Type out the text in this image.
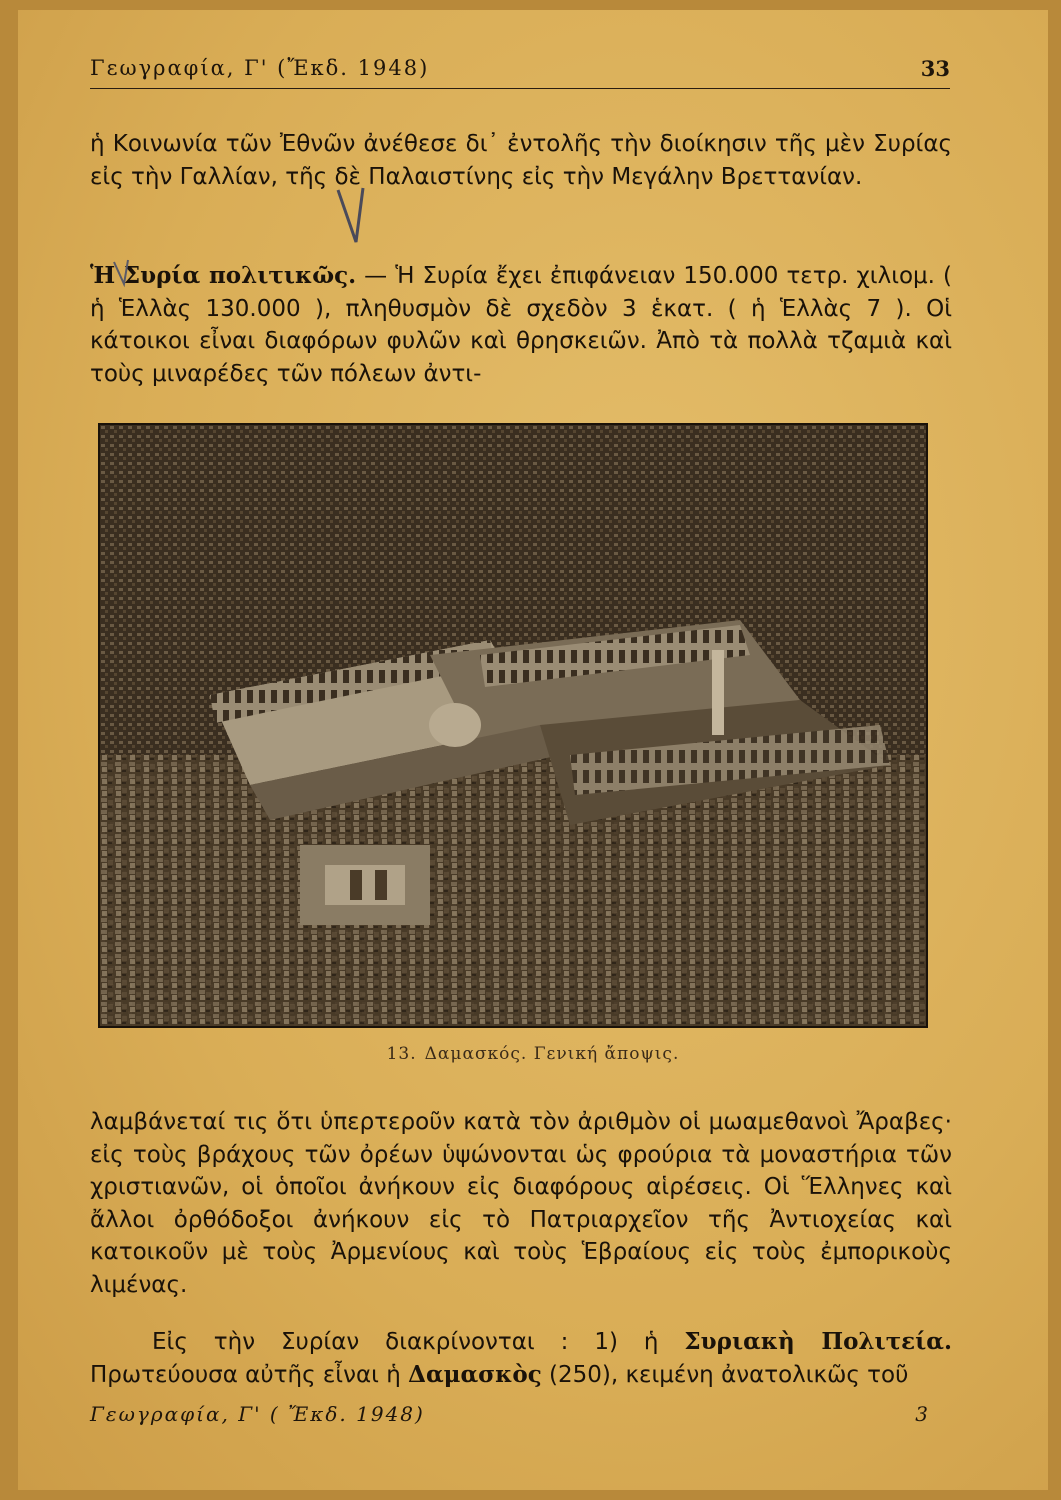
Γεωγραφία, Γ' (Ἔκδ. 1948)	33

ἡ Κοινωνία τῶν Ἐθνῶν ἀνέθεσε δι᾿ ἐντολῆς τὴν διοίκησιν τῆς μὲν Συρίας εἰς τὴν Γαλλίαν, τῆς δὲ Παλαιστίνης εἰς τὴν Μεγάλην Βρεττανίαν.

Ἡ Συρία πολιτικῶς. — Ἡ Συρία ἔχει ἐπιφάνειαν 150.000 τετρ. χιλιομ. ( ἡ Ἑλλὰς 130.000 ), πληθυσμὸν δὲ σχεδὸν 3 ἑκατ. ( ἡ Ἑλλὰς 7 ). Οἱ κάτοικοι εἶναι διαφόρων φυλῶν καὶ θρησκειῶν. Ἀπὸ τὰ πολλὰ τζαμιὰ καὶ τοὺς μιναρέδες τῶν πόλεων ἀντι-

13. Δαμασκός. Γενική ἄποψις.

λαμβάνεταί τις ὅτι ὑπερτεροῦν κατὰ τὸν ἀριθμὸν οἱ μωαμεθανοὶ Ἄραβες· εἰς τοὺς βράχους τῶν ὀρέων ὑψώνονται ὡς φρούρια τὰ μοναστήρια τῶν χριστιανῶν, οἱ ὁποῖοι ἀνήκουν εἰς διαφόρους αἱρέσεις. Οἱ Ἕλληνες καὶ ἄλλοι ὀρθόδοξοι ἀνήκουν εἰς τὸ Πατριαρχεῖον τῆς Ἀντιοχείας καὶ κατοικοῦν μὲ τοὺς Ἀρμενίους καὶ τοὺς Ἑβραίους εἰς τοὺς ἐμπορικοὺς λιμένας.

Εἰς τὴν Συρίαν διακρίνονται : 1) ἡ Συριακὴ Πολιτεία. Πρωτεύουσα αὐτῆς εἶναι ἡ Δαμασκὸς (250), κειμένη ἀνατολικῶς τοῦ

Γεωγραφία, Γ' ( Ἔκδ. 1948)	3
